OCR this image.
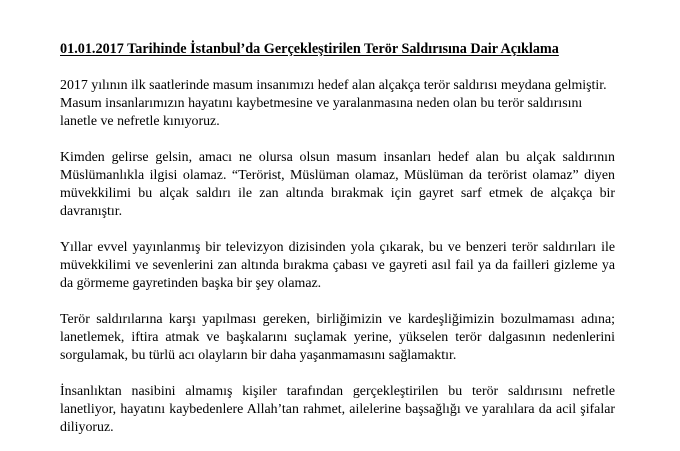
01.01.2017 Tarihinde İstanbul’da Gerçekleştirilen Terör Saldırısına Dair Açıklama

2017 yılının ilk saatlerinde masum insanımızı hedef alan alçakça terör saldırısı meydana gelmiştir. Masum insanlarımızın hayatını kaybetmesine ve yaralanmasına neden olan bu terör saldırısını lanetle ve nefretle kınıyoruz.

Kimden gelirse gelsin, amacı ne olursa olsun masum insanları hedef alan bu alçak saldırının Müslümanlıkla ilgisi olamaz. “Terörist, Müslüman olamaz, Müslüman da terörist olamaz” diyen müvekkilimi bu alçak saldırı ile zan altında bırakmak için gayret sarf etmek de alçakça bir davranıştır.

Yıllar evvel yayınlanmış bir televizyon dizisinden yola çıkarak, bu ve benzeri terör saldırıları ile müvekkilimi ve sevenlerini zan altında bırakma çabası ve gayreti asıl fail ya da failleri gizleme ya da görmeme gayretinden başka bir şey olamaz.

Terör saldırılarına karşı yapılması gereken, birliğimizin ve kardeşliğimizin bozulmaması adına; lanetlemek, iftira atmak ve başkalarını suçlamak yerine, yükselen terör dalgasının nedenlerini sorgulamak, bu türlü acı olayların bir daha yaşanmamasını sağlamaktır.

İnsanlıktan nasibini almamış kişiler tarafından gerçekleştirilen bu terör saldırısını nefretle lanetliyor, hayatını kaybedenlere Allah’tan rahmet, ailelerine başsağlığı ve yaralılara da acil şifalar diliyoruz.
